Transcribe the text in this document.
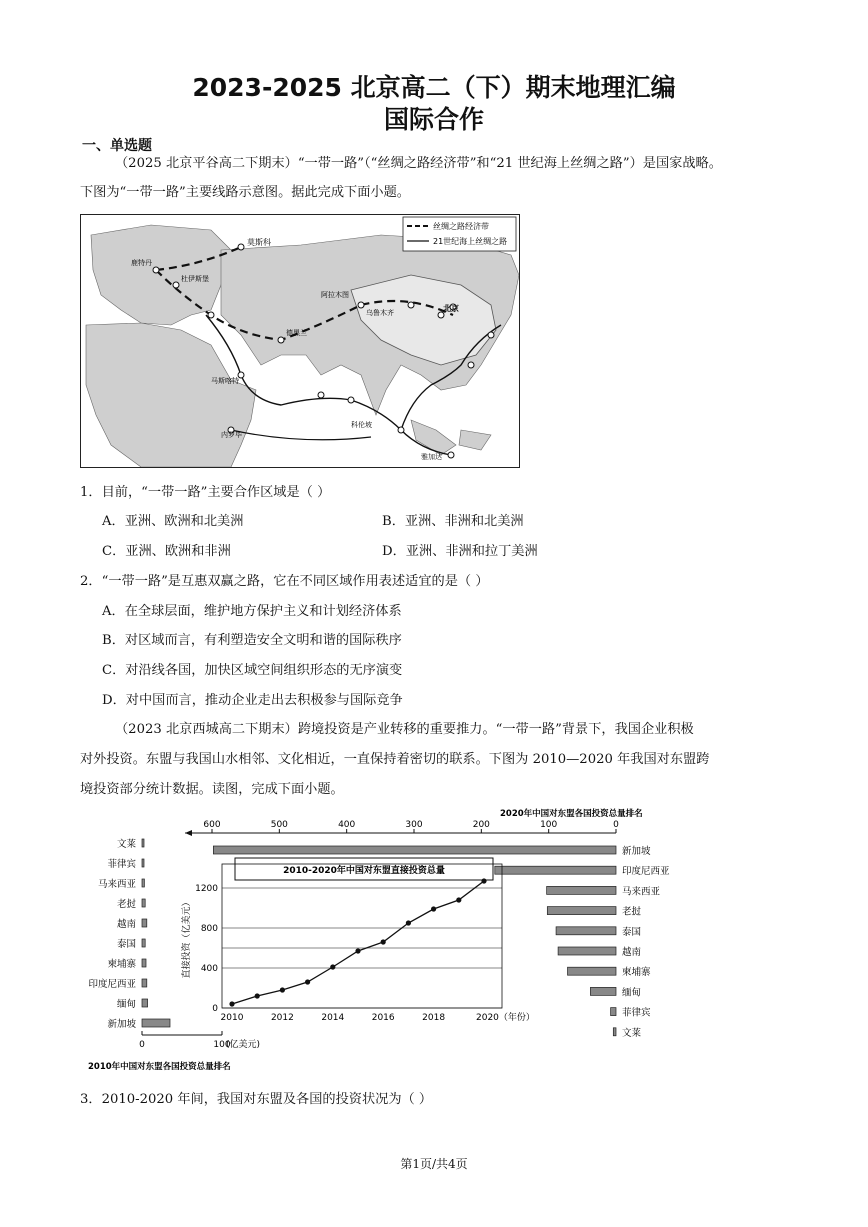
2023-2025 北京高二（下）期末地理汇编
国际合作
一、单选题
（2025 北京平谷高二下期末）“一带一路”（“丝绸之路经济带”和“21 世纪海上丝绸之路”）是国家战略。
下图为“一带一路”主要线路示意图。据此完成下面小题。
丝绸之路经济带
21世纪海上丝绸之路
莫斯科
鹿特丹
杜伊斯堡
德黑兰
阿拉木图
乌鲁木齐	北京
马斯喀特
科伦坡
内罗毕
雅加达
1．目前，“一带一路”主要合作区域是（ ）
A．亚洲、欧洲和北美洲	B．亚洲、非洲和北美洲
C．亚洲、欧洲和非洲	D．亚洲、非洲和拉丁美洲
2．“一带一路”是互惠双赢之路，它在不同区域作用表述适宜的是（ ）
A．在全球层面，维护地方保护主义和计划经济体系
B．对区域而言，有利塑造安全文明和谐的国际秩序
C．对沿线各国，加快区域空间组织形态的无序演变
D．对中国而言，推动企业走出去积极参与国际竞争
（2023 北京西城高二下期末）跨境投资是产业转移的重要推力。“一带一路”背景下，我国企业积极
对外投资。东盟与我国山水相邻、文化相近，一直保持着密切的联系。下图为 2010—2020 年我国对东盟跨
境投资部分统计数据。读图，完成下面小题。
文莱
菲律宾
马来西亚
老挝
越南
泰国
柬埔寨
印度尼西亚
缅甸
新加坡
0	100
(亿美元)
2010年中国对东盟各国投资总量排名
2020年中国对东盟各国投资总量排名
600	500	400	300	200	100	0
新加坡
印度尼西亚
马来西亚
老挝
泰国
越南
柬埔寨
缅甸
菲律宾
文莱
2010-2020年中国对东盟直接投资总量
0
400
800
1200
直接投资（亿美元）
2010	2012	2014	2016	2018	2020（年份）
3．2010-2020 年间，我国对东盟及各国的投资状况为（ ）
第1页/共4页
